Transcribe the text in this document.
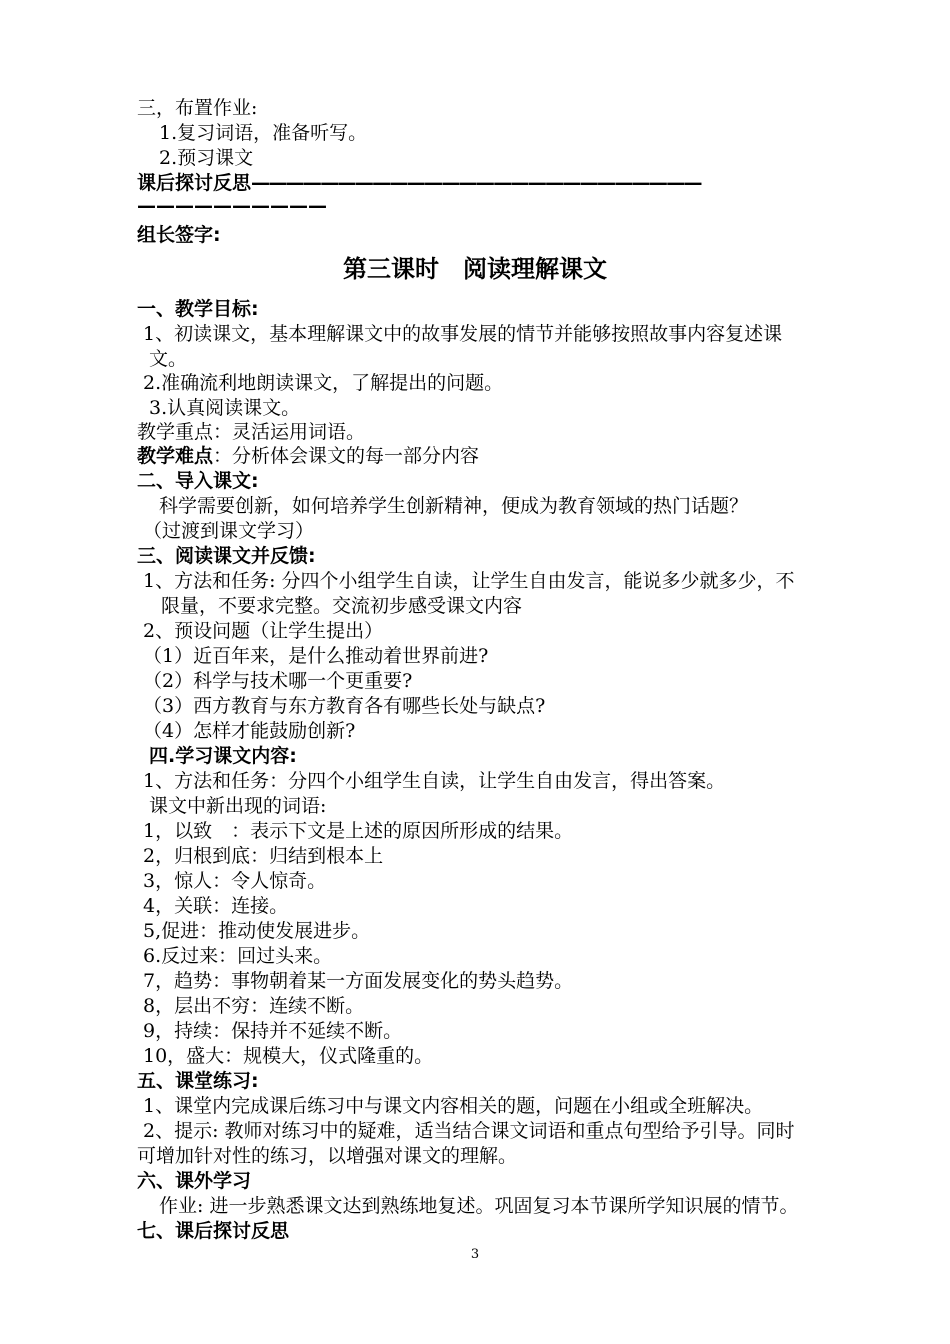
三，布置作业:
1.复习词语，准备听写。
2.预习课文
课后探讨反思——————————————————————————
——————————
组长签字:
第三课时　阅读理解课文
一、教学目标:
1、初读课文，基本理解课文中的故事发展的情节并能够按照故事内容复述课
文。
2.准确流利地朗读课文，了解提出的问题。
3.认真阅读课文。
教学重点：灵活运用词语。
教学难点：分析体会课文的每一部分内容
二、导入课文:
科学需要创新，如何培养学生创新精神，便成为教育领域的热门话题？
（过渡到课文学习）
三、阅读课文并反馈:
1、方法和任务: 分四个小组学生自读，让学生自由发言，能说多少就多少，不
限量，不要求完整。交流初步感受课文内容
2、预设问题（让学生提出）
（1）近百年来，是什么推动着世界前进?
（2）科学与技术哪一个更重要?
（3）西方教育与东方教育各有哪些长处与缺点?
（4）怎样才能鼓励创新?
四.学习课文内容:
1、方法和任务：分四个小组学生自读，让学生自由发言，得出答案。
课文中新出现的词语:
1，以致　：表示下文是上述的原因所形成的结果。
2，归根到底：归结到根本上
3，惊人：令人惊奇。
4，关联：连接。
5,促进：推动使发展进步。
6.反过来：回过头来。
7，趋势：事物朝着某一方面发展变化的势头趋势。
8，层出不穷：连续不断。
9，持续：保持并不延续不断。
10，盛大：规模大，仪式隆重的。
五、课堂练习:
1、课堂内完成课后练习中与课文内容相关的题，问题在小组或全班解决。
2、提示: 教师对练习中的疑难，适当结合课文词语和重点句型给予引导。同时
可增加针对性的练习，以增强对课文的理解。
六、课外学习
作业: 进一步熟悉课文达到熟练地复述。巩固复习本节课所学知识展的情节。
七、课后探讨反思
3
